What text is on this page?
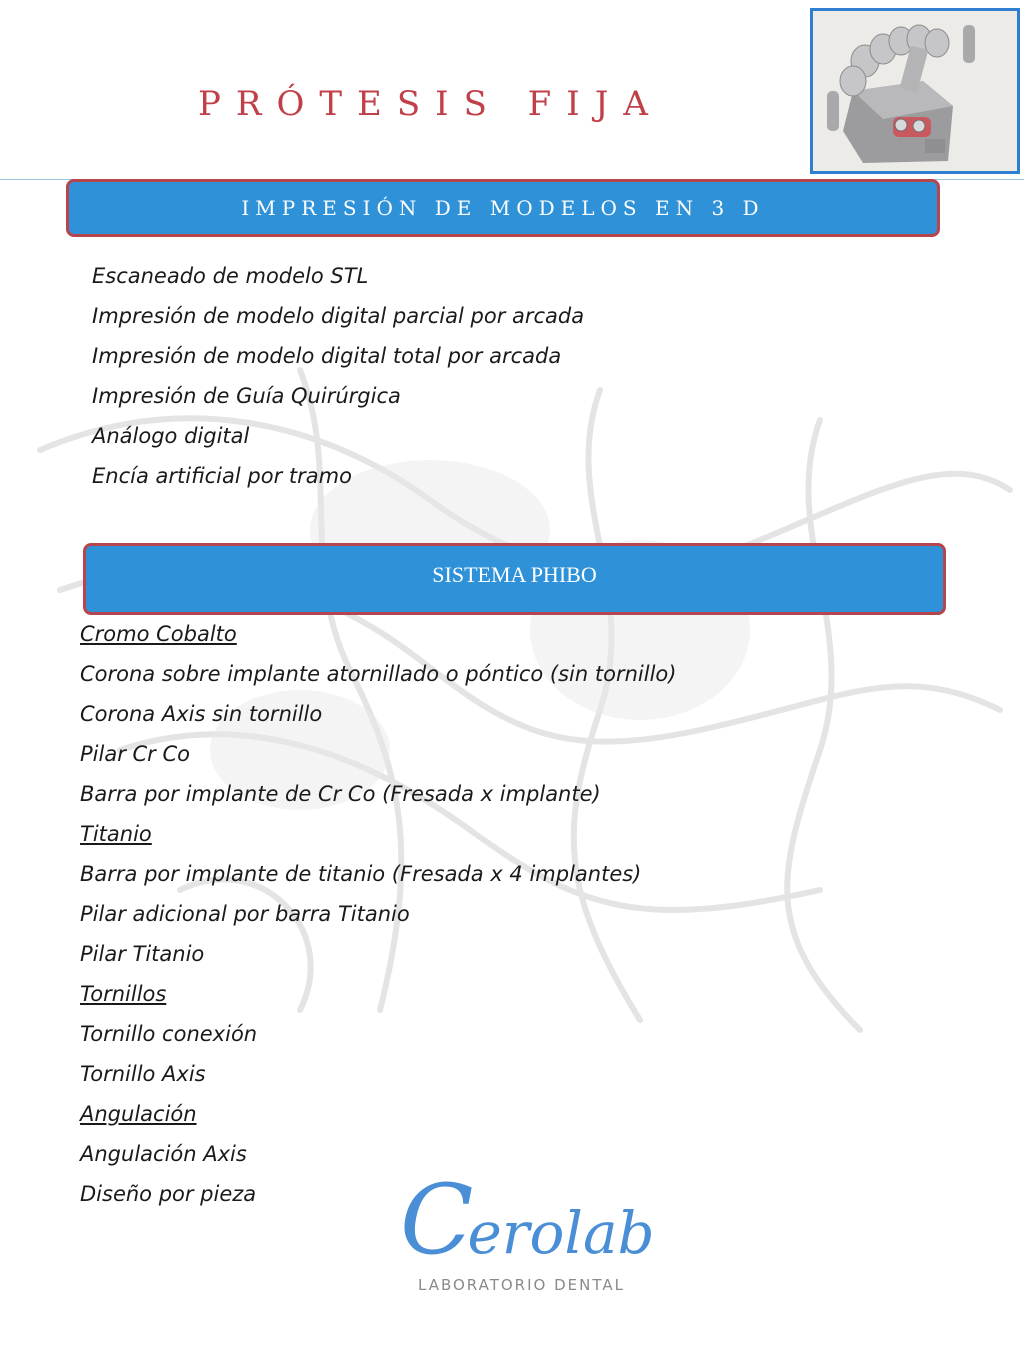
PRÓTESIS FIJA
IMPRESIÓN DE MODELOS EN 3 D
Escaneado de modelo STL
Impresión de modelo digital parcial por arcada
Impresión de modelo digital total por arcada
Impresión de Guía Quirúrgica
Análogo digital
Encía artificial por tramo
SISTEMA PHIBO
Cromo Cobalto
Corona sobre implante atornillado o póntico (sin tornillo)
Corona Axis sin tornillo
Pilar Cr Co
Barra por implante de Cr Co (Fresada x implante)
Titanio
Barra por implante de titanio (Fresada x 4 implantes)
Pilar adicional por barra Titanio
Pilar Titanio
Tornillos
Tornillo conexión
Tornillo Axis
Angulación
Angulación Axis
Diseño por pieza	Cerolab
LABORATORIO DENTAL
